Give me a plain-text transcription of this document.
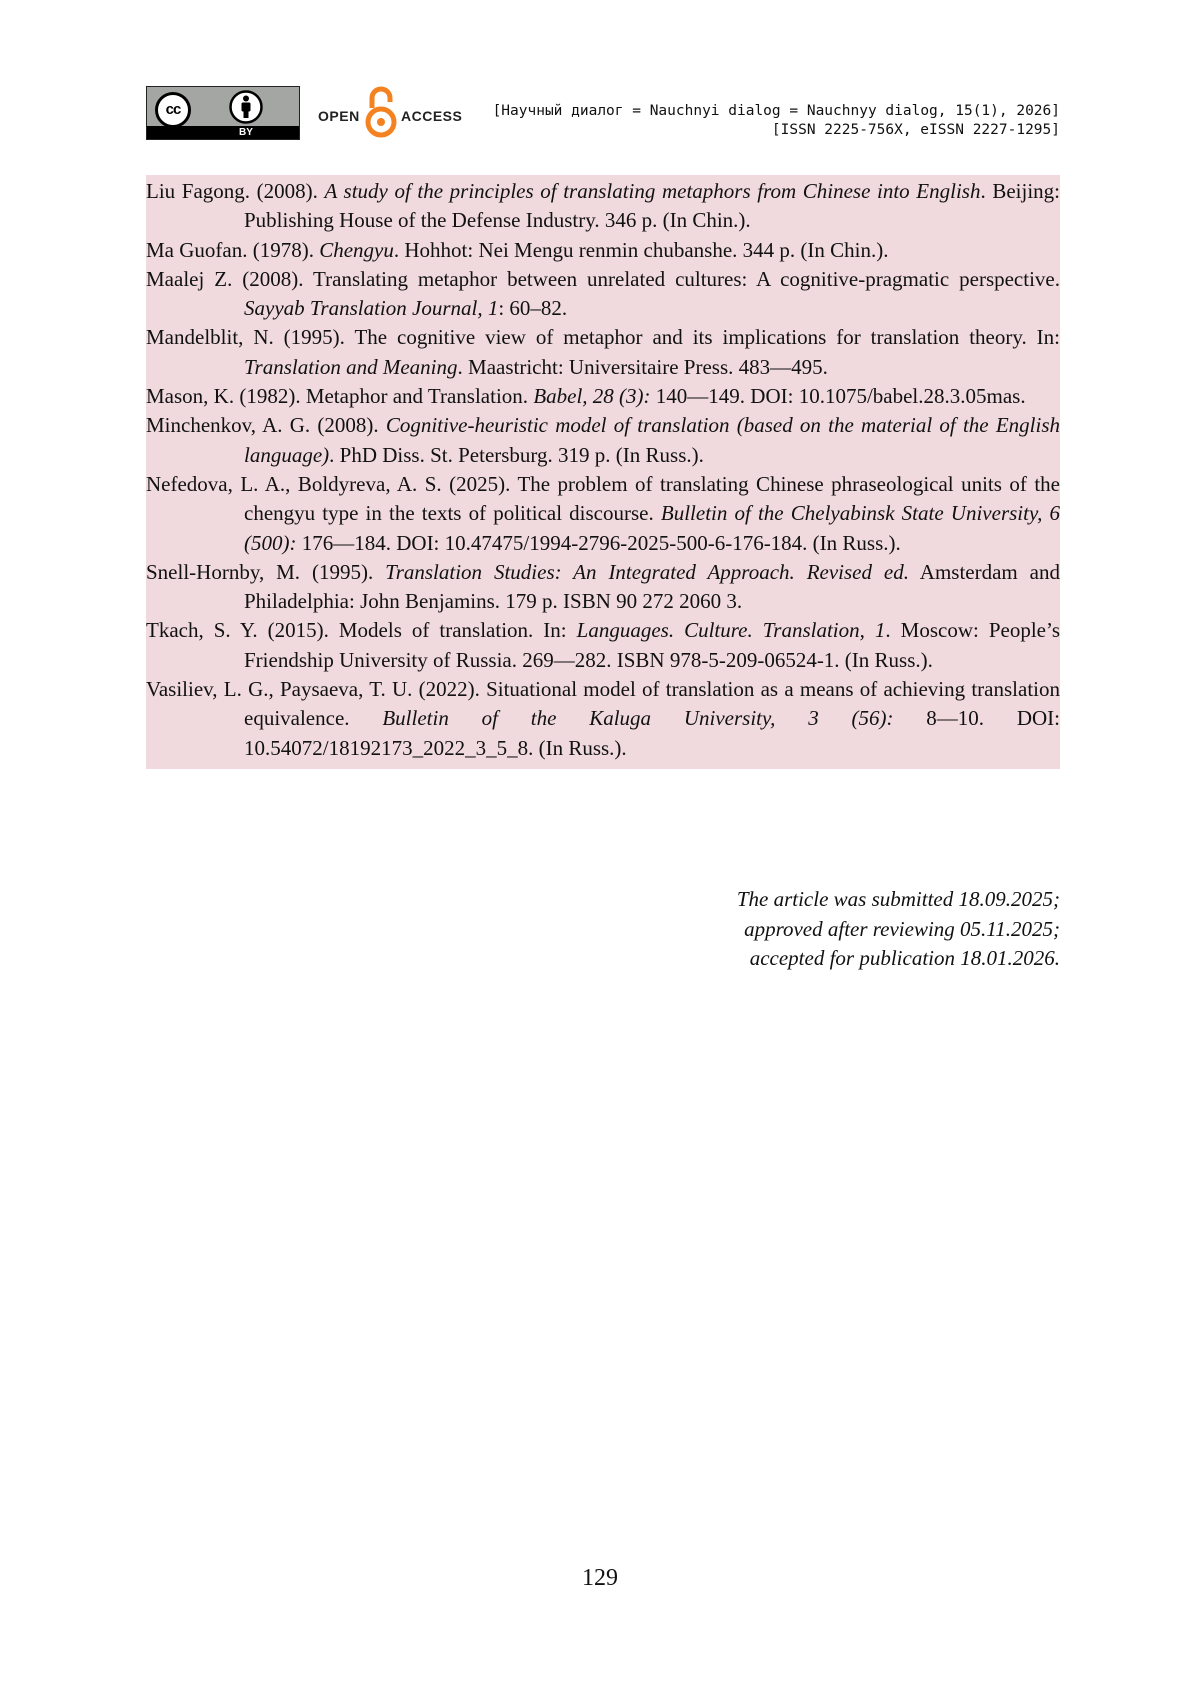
cc
BY
OPEN	ACCESS [Научный диалог = Nauchnyi dialog = Nauchnyy dialog, 15(1), 2026]
[ISSN 2225-756X, eISSN 2227-1295]

Liu Fagong. (2008). A study of the principles of translating metaphors from Chinese into English. Beijing: Publishing House of the Defense Industry. 346 p. (In Chin.).

Ma Guofan. (1978). Chengyu. Hohhot: Nei Mengu renmin chubanshe. 344 p. (In Chin.).

Maalej Z. (2008). Translating metaphor between unrelated cultures: A cognitive-pragmatic perspective. Sayyab Translation Journal, 1: 60–82.

Mandelblit, N. (1995). The cognitive view of metaphor and its implications for translation theory. In: Translation and Meaning. Maastricht: Universitaire Press. 483—495.

Mason, K. (1982). Metaphor and Translation. Babel, 28 (3): 140—149. DOI: 10.1075/babel.28.3.05mas.

Minchenkov, A. G. (2008). Cognitive-heuristic model of translation (based on the material of the English language). PhD Diss. St. Petersburg. 319 p. (In Russ.).

Nefedova, L. A., Boldyreva, A. S. (2025). The problem of translating Chinese phraseological units of the chengyu type in the texts of political discourse. Bulletin of the Chelyabinsk State University, 6 (500): 176—184. DOI: 10.47475/1994-2796-2025-500-6-176-184. (In Russ.).

Snell-Hornby, M. (1995). Translation Studies: An Integrated Approach. Revised ed. Amsterdam and Philadelphia: John Benjamins. 179 p. ISBN 90 272 2060 3.

Tkach, S. Y. (2015). Models of translation. In: Languages. Culture. Translation, 1. Moscow: People’s Friendship University of Russia. 269—282. ISBN 978-5-209-06524-1. (In Russ.).

Vasiliev, L. G., Paysaeva, T. U. (2022). Situational model of translation as a means of achieving translation equivalence. Bulletin of the Kaluga University, 3 (56): 8—10. DOI: 10.54072/18192173_2022_3_5_8. (In Russ.).

The article was submitted 18.09.2025;
approved after reviewing 05.11.2025;
accepted for publication 18.01.2026.
129
